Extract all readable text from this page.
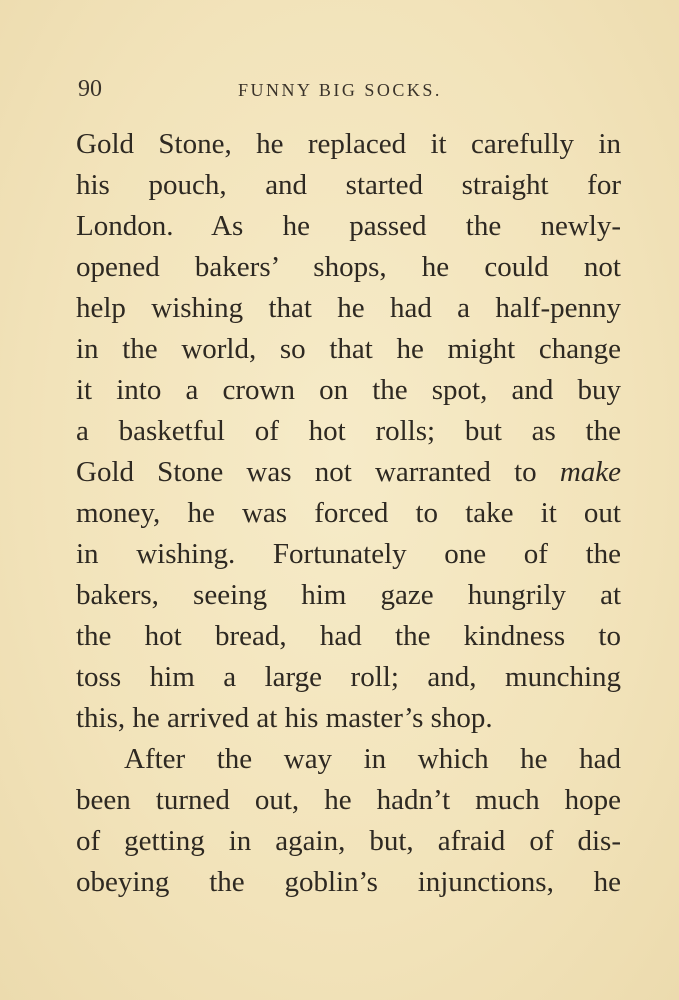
90	FUNNY BIG SOCKS.
Gold Stone, he replaced it carefully in
his pouch, and started straight for
London. As he passed the newly-
opened bakers’ shops, he could not
help wishing that he had a half-penny
in the world, so that he might change
it into a crown on the spot, and buy
a basketful of hot rolls; but as the
Gold Stone was not warranted to make
money, he was forced to take it out
in wishing. Fortunately one of the
bakers, seeing him gaze hungrily at
the hot bread, had the kindness to
toss him a large roll; and, munching
this, he arrived at his master’s shop.
After the way in which he had
been turned out, he hadn’t much hope
of getting in again, but, afraid of dis-
obeying the goblin’s injunctions, he
